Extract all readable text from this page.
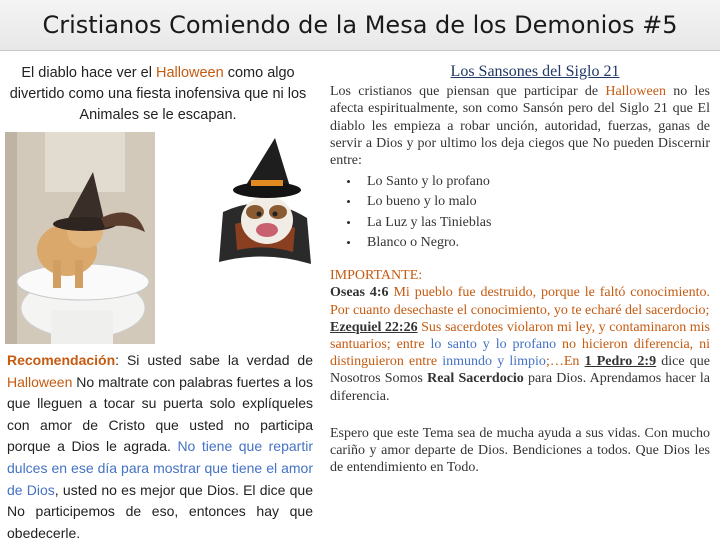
Cristianos Comiendo de la Mesa de los Demonios #5
El diablo hace ver el Halloween como algo divertido como una fiesta inofensiva que ni los Animales se le escapan.
Recomendación: Si usted sabe la verdad de Halloween No maltrate con palabras fuertes a los que lleguen a tocar su puerta solo explíqueles con amor de Cristo que usted no participa porque a Dios le agrada. No tiene que repartir dulces en ese día para mostrar que tiene el amor de Dios, usted no es mejor que Dios. El dice que No participemos de eso, entonces hay que obedecerle.
Los Sansones del Siglo 21
Los cristianos que piensan que participar de Halloween no les afecta espiritualmente, son como Sansón pero del Siglo 21 que El diablo les empieza a robar unción, autoridad, fuerzas, ganas de servir a Dios y por ultimo los deja ciegos que No pueden Discernir entre:
•	Lo Santo y lo profano
•	Lo bueno y lo malo
•	La Luz y las Tinieblas
•	Blanco o Negro.
IMPORTANTE:
Oseas 4:6 Mi pueblo fue destruido, porque le faltó conocimiento. Por cuanto desechaste el conocimiento, yo te echaré del sacerdocio;
Ezequiel 22:26 Sus sacerdotes violaron mi ley, y contaminaron mis santuarios; entre lo santo y lo profano no hicieron diferencia, ni distinguieron entre inmundo y limpio;…En 1 Pedro 2:9 dice que Nosotros Somos Real Sacerdocio para Dios. Aprendamos hacer la diferencia.
Espero que este Tema sea de mucha ayuda a sus vidas. Con mucho cariño y amor departe de Dios. Bendiciones a todos. Que Dios les de entendimiento en Todo.
